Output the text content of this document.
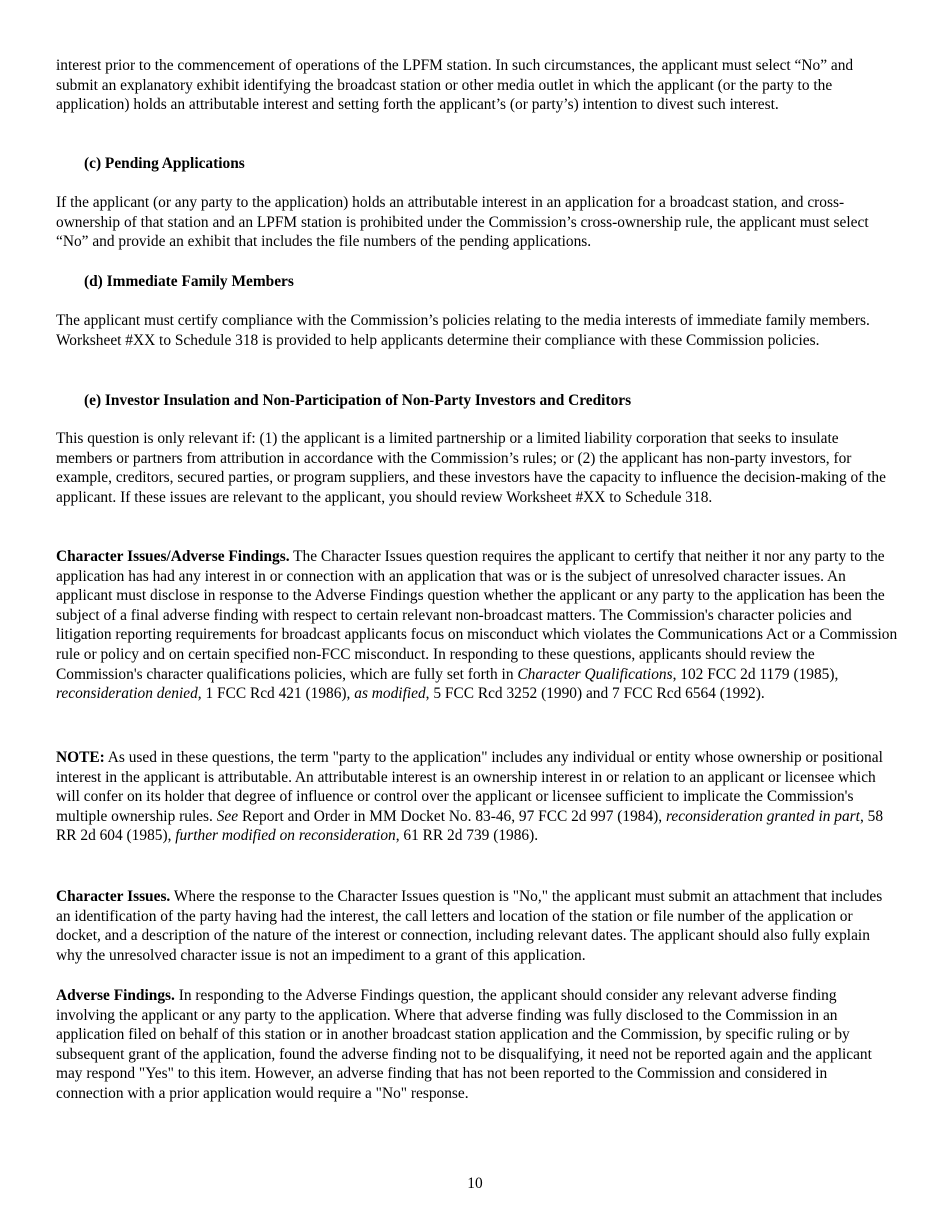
interest prior to the commencement of operations of the LPFM station. In such circumstances, the applicant must select “No” and submit an explanatory exhibit identifying the broadcast station or other media outlet in which the applicant (or the party to the application) holds an attributable interest and setting forth the applicant’s (or party’s) intention to divest such interest.

(c) Pending Applications

If the applicant (or any party to the application) holds an attributable interest in an application for a broadcast station, and cross-ownership of that station and an LPFM station is prohibited under the Commission’s cross-ownership rule, the applicant must select “No” and provide an exhibit that includes the file numbers of the pending applications.

(d) Immediate Family Members

The applicant must certify compliance with the Commission’s policies relating to the media interests of immediate family members. Worksheet #XX to Schedule 318 is provided to help applicants determine their compliance with these Commission policies.

(e) Investor Insulation and Non-Participation of Non-Party Investors and Creditors

This question is only relevant if: (1) the applicant is a limited partnership or a limited liability corporation that seeks to insulate members or partners from attribution in accordance with the Commission’s rules; or (2) the applicant has non-party investors, for example, creditors, secured parties, or program suppliers, and these investors have the capacity to influence the decision-making of the applicant. If these issues are relevant to the applicant, you should review Worksheet #XX to Schedule 318.

Character Issues/Adverse Findings. The Character Issues question requires the applicant to certify that neither it nor any party to the application has had any interest in or connection with an application that was or is the subject of unresolved character issues. An applicant must disclose in response to the Adverse Findings question whether the applicant or any party to the application has been the subject of a final adverse finding with respect to certain relevant non-broadcast matters. The Commission's character policies and litigation reporting requirements for broadcast applicants focus on misconduct which violates the Communications Act or a Commission rule or policy and on certain specified non-FCC misconduct. In responding to these questions, applicants should review the Commission's character qualifications policies, which are fully set forth in Character Qualifications, 102 FCC 2d 1179 (1985), reconsideration denied, 1 FCC Rcd 421 (1986), as modified, 5 FCC Rcd 3252 (1990) and 7 FCC Rcd 6564 (1992).

NOTE: As used in these questions, the term "party to the application" includes any individual or entity whose ownership or positional interest in the applicant is attributable. An attributable interest is an ownership interest in or relation to an applicant or licensee which will confer on its holder that degree of influence or control over the applicant or licensee sufficient to implicate the Commission's multiple ownership rules. See Report and Order in MM Docket No. 83-46, 97 FCC 2d 997 (1984), reconsideration granted in part, 58 RR 2d 604 (1985), further modified on reconsideration, 61 RR 2d 739 (1986).

Character Issues. Where the response to the Character Issues question is "No," the applicant must submit an attachment that includes an identification of the party having had the interest, the call letters and location of the station or file number of the application or docket, and a description of the nature of the interest or connection, including relevant dates. The applicant should also fully explain why the unresolved character issue is not an impediment to a grant of this application.

Adverse Findings. In responding to the Adverse Findings question, the applicant should consider any relevant adverse finding involving the applicant or any party to the application. Where that adverse finding was fully disclosed to the Commission in an application filed on behalf of this station or in another broadcast station application and the Commission, by specific ruling or by subsequent grant of the application, found the adverse finding not to be disqualifying, it need not be reported again and the applicant may respond "Yes" to this item. However, an adverse finding that has not been reported to the Commission and considered in connection with a prior application would require a "No" response.

10
